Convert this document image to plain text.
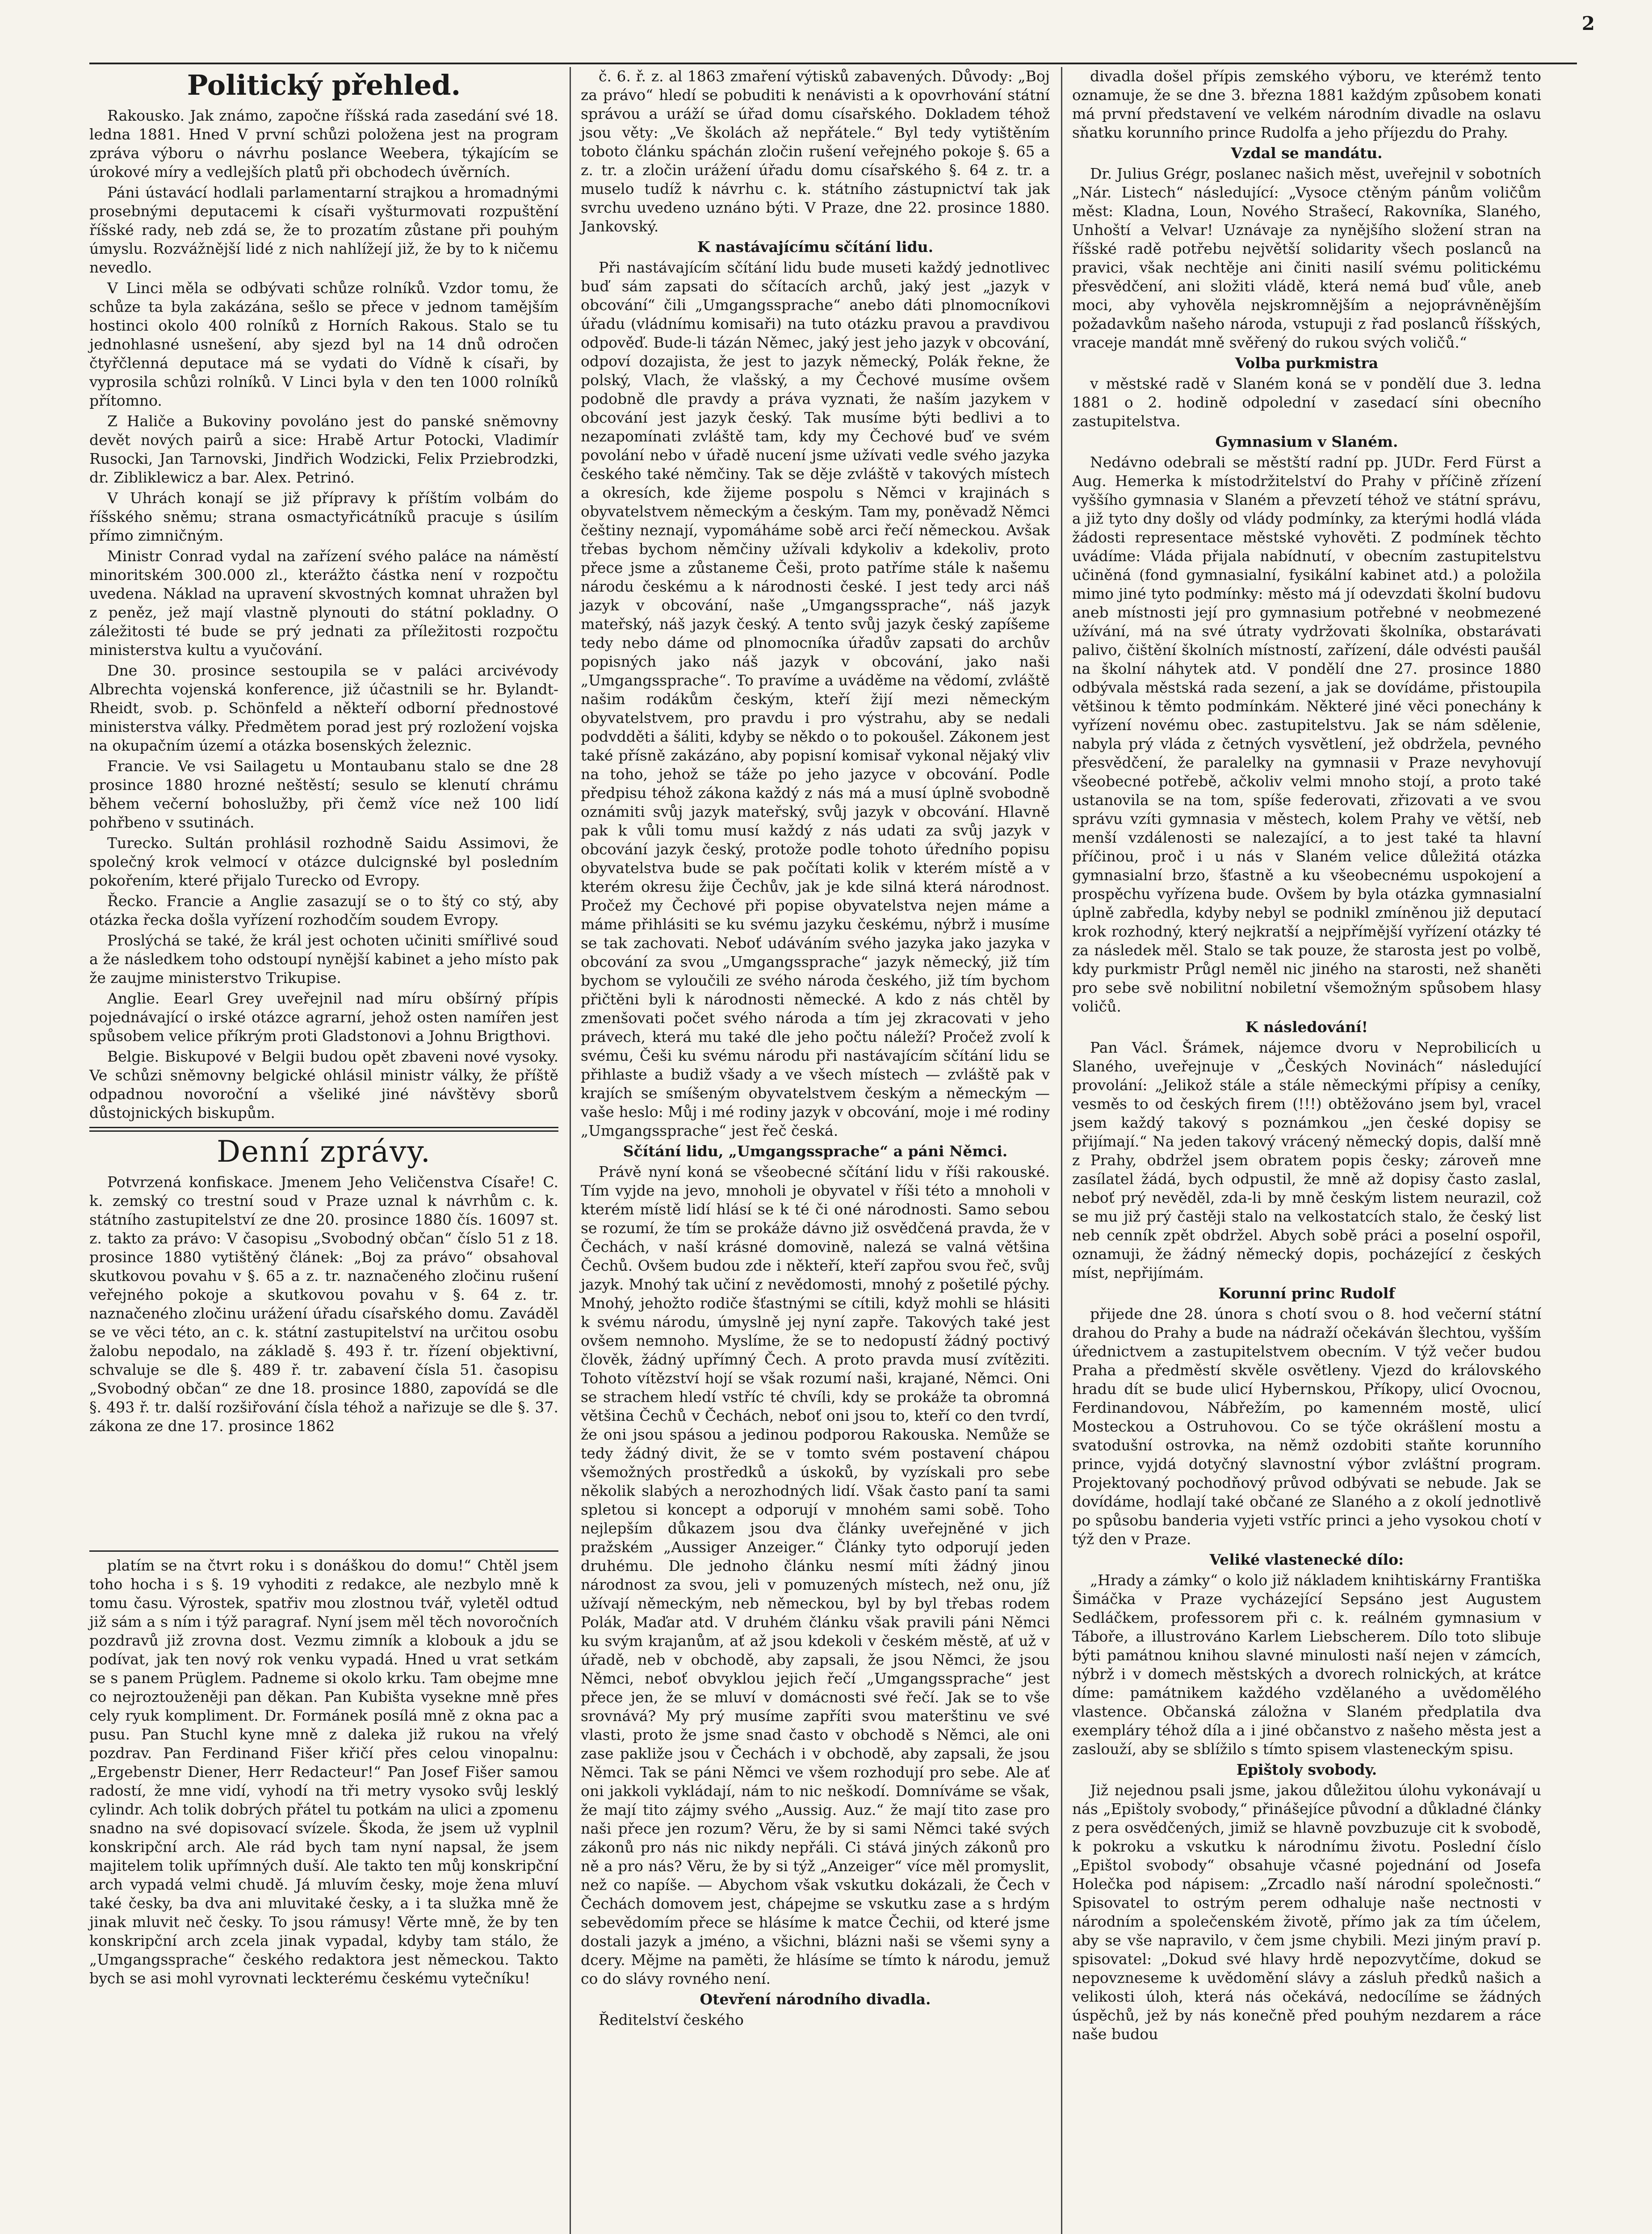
2
Politický přehled.

Rakousko. Jak známo, započne říšská rada zasedání své 18. ledna 1881. Hned V první schůzi položena jest na program zpráva výboru o návrhu poslance Weebera, týkajícím se úrokové míry a vedlejších platů při obchodech úvěrních.

Páni ústavácí hodlali parlamentarní strajkou a hromadnými prosebnými deputacemi k císaři vyšturmovati rozpuštění říšské rady, neb zdá se, že to prozatím zůstane při pouhým úmyslu. Rozvážnější lidé z nich nahlížejí již, že by to k ničemu nevedlo.

V Linci měla se odbývati schůze rolníků. Vzdor tomu, že schůze ta byla zakázána, sešlo se přece v jednom tamějším hostinci okolo 400 rolníků z Horních Rakous. Stalo se tu jednohlasné usnešení, aby sjezd byl na 14 dnů odročen čtyřčlenná deputace má se vydati do Vídně k císaři, by vyprosila schůzi rolníků. V Linci byla v den ten 1000 rolníků přítomno.

Z Haliče a Bukoviny povoláno jest do panské sněmovny devět nových pairů a sice: Hrabě Artur Potocki, Vladimír Rusocki, Jan Tarnovski, Jindřich Wodzicki, Felix Prziebrodzki, dr. Zibliklewicz a bar. Alex. Petrinó.

V Uhrách konají se již přípravy k příštím volbám do říšského sněmu; strana osmactyřicátníků pracuje s úsilím přímo zimničným.

Ministr Conrad vydal na zařízení svého paláce na náměstí minoritském 300.000 zl., kterážto částka není v rozpočtu uvedena. Náklad na upravení skvostných komnat uhražen byl z peněz, jež mají vlastně plynouti do státní pokladny. O záležitosti té bude se prý jednati za příležitosti rozpočtu ministerstva kultu a vyučování.

Dne 30. prosince sestoupila se v paláci arcivévody Albrechta vojenská konference, již účastnili se hr. Bylandt-Rheidt, svob. p. Schönfeld a někteří odborní přednostové ministerstva války. Předmětem porad jest prý rozložení vojska na okupačním území a otázka bosenských železnic.

Francie. Ve vsi Sailagetu u Montaubanu stalo se dne 28 prosince 1880 hrozné neštěstí; sesulo se klenutí chrámu během večerní bohoslužby, při čemž více než 100 lidí pohřbeno v ssutinách.

Turecko. Sultán prohlásil rozhodně Saidu Assimovi, že společný krok velmocí v otázce dulcignské byl posledním pokořením, které přijalo Turecko od Evropy.

Řecko. Francie a Anglie zasazují se o to štý co stý, aby otázka řecka došla vyřízení rozhodčím soudem Evropy.

Proslýchá se také, že král jest ochoten učiniti smířlivé soud a že následkem toho odstoupí nynější kabinet a jeho místo pak že zaujme ministerstvo Trikupise.

Anglie. Eearl Grey uveřejnil nad míru obšírný přípis pojednávající o irské otázce agrarní, jehož osten namířen jest spůsobem velice příkrým proti Gladstonovi a Johnu Brigthovi.

Belgie. Biskupové v Belgii budou opět zbaveni nové vysoky. Ve schůzi sněmovny belgické ohlásil ministr války, že příště odpadnou novoroční a všeliké jiné návštěvy sborů důstojnických biskupům.

Denní zprávy.

Potvrzená konfiskace. Jmenem Jeho Veličenstva Císaře! C. k. zemský co trestní soud v Praze uznal k návrhům c. k. státního zastupitelství ze dne 20. prosince 1880 čís. 16097 st. z. takto za právo: V časopisu „Svobodný občan“ číslo 51 z 18. prosince 1880 vytištěný článek: „Boj za právo“ obsahoval skutkovou povahu v §. 65 a z. tr. naznačeného zločinu rušení veřejného pokoje a skutkovou povahu v §. 64 z. tr. naznačeného zločinu urážení úřadu císařského domu. Zaváděl se ve věci této, an c. k. státní zastupitelství na určitou osobu žalobu nepodalo, na základě §. 493 ř. tr. řízení objektivní, schvaluje se dle §. 489 ř. tr. zabavení čísla 51. časopisu „Svobodný občan“ ze dne 18. prosince 1880, zapovídá se dle §. 493 ř. tr. další rozšiřování čísla téhož a nařizuje se dle §. 37. zákona ze dne 17. prosince 1862

platím se na čtvrt roku i s donáškou do domu!“ Chtěl jsem toho hocha i s §. 19 vyhoditi z redakce, ale nezbylo mně k tomu času. Výrostek, spatřiv mou zlostnou tvář, vyletěl odtud již sám a s ním i týž paragraf. Nyní jsem měl těch novoročních pozdravů již zrovna dost. Vezmu zimník a klobouk a jdu se podívat, jak ten nový rok venku vypadá. Hned u vrat setkám se s panem Prüglem. Padneme si okolo krku. Tam obejme mne co nejroztouženěji pan děkan. Pan Kubišta vysekne mně přes cely ryuk kompliment. Dr. Formánek posílá mně z okna pac a pusu. Pan Stuchl kyne mně z daleka již rukou na vřelý pozdrav. Pan Ferdinand Fišer křičí přes celou vinopalnu: „Ergebenstr Diener, Herr Redacteur!“ Pan Josef Fišer samou radostí, že mne vidí, vyhodí na tři metry vysoko svůj lesklý cylindr. Ach tolik dobrých přátel tu potkám na ulici a zpomenu snadno na své dopisovací svízele. Škoda, že jsem už vyplnil konskripční arch. Ale rád bych tam nyní napsal, že jsem majitelem tolik upřímných duší. Ale takto ten můj konskripční arch vypadá velmi chudě. Já mluvím česky, moje žena mluví také česky, ba dva ani mluvitaké česky, a i ta služka mně že jinak mluvit neč česky. To jsou rámusy! Věrte mně, že by ten konskripční arch zcela jinak vypadal, kdyby tam stálo, že „Umgangssprache“ českého redaktora jest německou. Takto bych se asi mohl vyrovnati leckterému českému vytečníku!

č. 6. ř. z. al 1863 zmaření výtisků zabavených. Důvody: „Boj za právo“ hledí se pobuditi k nenávisti a k opovrhování státní správou a uráží se úřad domu císařského. Dokladem téhož jsou věty: „Ve školách až nepřátele.“ Byl tedy vytištěním toboto článku spáchán zločin rušení veřejného pokoje §. 65 a z. tr. a zločin urážení úřadu domu císařského §. 64 z. tr. a muselo tudíž k návrhu c. k. státního zástupnictví tak jak svrchu uvedeno uznáno býti. V Praze, dne 22. prosince 1880. Jankovský.

K nastávajícímu sčítání lidu.

Při nastávajícím sčítání lidu bude museti každý jednotlivec buď sám zapsati do sčítacích archů, jaký jest „jazyk v obcování“ čili „Umgangssprache“ anebo dáti plnomocníkovi úřadu (vládnímu komisaři) na tuto otázku pravou a pravdivou odpověď. Bude-li tázán Němec, jaký jest jeho jazyk v obcování, odpoví dozajista, že jest to jazyk německý, Polák řekne, že polský, Vlach, že vlašský, a my Čechové musíme ovšem podobně dle pravdy a práva vyznati, že naším jazykem v obcování jest jazyk český. Tak musíme býti bedlivi a to nezapomínati zvláště tam, kdy my Čechové buď ve svém povolání nebo v úřadě nucení jsme užívati vedle svého jazyka českého také němčiny. Tak se děje zvláště v takových místech a okresích, kde žijeme pospolu s Němci v krajinách s obyvatelstvem německým a českým. Tam my, poněvadž Němci češtiny neznají, vypomáháme sobě arci řečí německou. Avšak třebas bychom němčiny užívali kdykoliv a kdekoliv, proto přece jsme a zůstaneme Češi, proto patříme stále k našemu národu českému a k národnosti české. I jest tedy arci náš jazyk v obcování, naše „Umgangssprache“, náš jazyk mateřský, náš jazyk český. A tento svůj jazyk český zapíšeme tedy nebo dáme od plnomocníka úřadův zapsati do archův popisných jako náš jazyk v obcování, jako naši „Umgangssprache“. To pravíme a uváděme na vědomí, zvláště našim rodákům českým, kteří žijí mezi německým obyvatelstvem, pro pravdu i pro výstrahu, aby se nedali podvdděti a šáliti, kdyby se někdo o to pokoušel. Zákonem jest také přísně zakázáno, aby popisní komisař vykonal nějaký vliv na toho, jehož se táže po jeho jazyce v obcování. Podle předpisu téhož zákona každý z nás má a musí úplně svobodně oznámiti svůj jazyk mateřský, svůj jazyk v obcování. Hlavně pak k vůli tomu musí každý z nás udati za svůj jazyk v obcování jazyk český, protože podle tohoto úředního popisu obyvatelstva bude se pak počítati kolik v kterém místě a v kterém okresu žije Čechův, jak je kde silná která národnost. Pročež my Čechové při popise obyvatelstva nejen máme a máme přihlásiti se ku svému jazyku českému, nýbrž i musíme se tak zachovati. Neboť udáváním svého jazyka jako jazyka v obcování za svou „Umgangssprache“ jazyk německý, již tím bychom se vyloučili ze svého národa českého, již tím bychom přičtěni byli k národnosti německé. A kdo z nás chtěl by zmenšovati počet svého národa a tím jej zkracovati v jeho právech, která mu také dle jeho počtu náleží? Pročež zvolí k svému, Češi ku svému národu při nastávajícím sčítání lidu se přihlaste a budiž všady a ve všech místech — zvláště pak v krajích se smíšeným obyvatelstvem českým a německým — vaše heslo: Můj i mé rodiny jazyk v obcování, moje i mé rodiny „Umgangssprache“ jest řeč česká.

Sčítání lidu, „Umgangssprache“ a páni Němci.

Právě nyní koná se všeobecné sčítání lidu v říši rakouské. Tím vyjde na jevo, mnoholi je obyvatel v říši této a mnoholi v kterém místě lidí hlásí se k té či oné národnosti. Samo sebou se rozumí, že tím se prokáže dávno již osvědčená pravda, že v Čechách, v naší krásné domovině, nalezá se valná většina Čechů. Ovšem budou zde i někteří, kteří zapřou svou řeč, svůj jazyk. Mnohý tak učiní z nevědomosti, mnohý z pošetilé pýchy. Mnohý, jehožto rodiče šťastnými se cítili, když mohli se hlásiti k svému národu, úmyslně jej nyní zapře. Takových také jest ovšem nemnoho. Myslíme, že se to nedopustí žádný poctivý člověk, žádný upřímný Čech. A proto pravda musí zvítěziti. Tohoto vítězství hojí se však rozumí naši, krajané, Němci. Oni se strachem hledí vstříc té chvíli, kdy se prokáže ta obromná většina Čechů v Čechách, neboť oni jsou to, kteří co den tvrdí, že oni jsou spásou a jedinou podporou Rakouska. Nemůže se tedy žádný divit, že se v tomto svém postavení chápou všemožných prostředků a úskoků, by vyzískali pro sebe několik slabých a nerozhodných lidí. Však často paní ta sami spletou si koncept a odporují v mnohém sami sobě. Toho nejlepším důkazem jsou dva články uveřejněné v jich pražském „Aussiger Anzeiger.“ Články tyto odporují jeden druhému. Dle jednoho článku nesmí míti žádný jinou národnost za svou, jeli v pomuzených místech, než onu, jíž užívají německým, neb německou, byl by byl třebas rodem Polák, Maďar atd. V druhém článku však pravili páni Němci ku svým krajanům, ať až jsou kdekoli v českém městě, ať už v úřadě, neb v obchodě, aby zapsali, že jsou Němci, že jsou Němci, neboť obvyklou jejich řečí „Umgangssprache“ jest přece jen, že se mluví v domácnosti své řečí. Jak se to vše srovnává? My prý musíme zapříti svou materštinu ve své vlasti, proto že jsme snad často v obchodě s Němci, ale oni zase pakliže jsou v Čechách i v obchodě, aby zapsali, že jsou Němci. Tak se páni Němci ve všem rozhodují pro sebe. Ale ať oni jakkoli vykládají, nám to nic neškodí. Domníváme se však, že mají tito zájmy svého „Aussig. Auz.“ že mají tito zase pro naši přece jen rozum? Věru, že by si sami Němci také svých zákonů pro nás nic nikdy nepřáli. Ci stává jiných zákonů pro ně a pro nás? Věru, že by si týž „Anzeiger“ více měl promyslit, než co napíše. — Abychom však vskutku dokázali, že Čech v Čechách domovem jest, chápejme se vskutku zase a s hrdým sebevědomím přece se hlásíme k matce Čechii, od které jsme dostali jazyk a jméno, a všichni, blázni naši se všemi syny a dcery. Mějme na paměti, že hlásíme se tímto k národu, jemuž co do slávy rovného není.

Otevření národního divadla.

Ředitelství českého

divadla došel přípis zemského výboru, ve kterémž tento oznamuje, že se dne 3. března 1881 každým způsobem konati má první představení ve velkém národním divadle na oslavu sňatku korunního prince Rudolfa a jeho příjezdu do Prahy.

Vzdal se mandátu.

Dr. Julius Grégr, poslanec našich měst, uveřejnil v sobotních „Nár. Listech“ následující: „Vysoce ctěným pánům voličům měst: Kladna, Loun, Nového Strašecí, Rakovníka, Slaného, Unhoští a Velvar! Uznávaje za nynějšího složení stran na říšské radě potřebu největší solidarity všech poslanců na pravici, však nechtěje ani činiti nasilí svému politickému přesvědčení, ani složiti vládě, která nemá buď vůle, aneb moci, aby vyhověla nejskromnějším a nejoprávněnějším požadavkům našeho národa, vstupuji z řad poslanců říšských, vraceje mandát mně svěřený do rukou svých voličů.“

Volba purkmistra

v městské radě v Slaném koná se v pondělí due 3. ledna 1881 o 2. hodině odpolední v zasedací síni obecního zastupitelstva.

Gymnasium v Slaném.

Nedávno odebrali se městští radní pp. JUDr. Ferd Fürst a Aug. Hemerka k místodržitelství do Prahy v příčině zřízení vyššího gymnasia v Slaném a převzetí téhož ve státní správu, a již tyto dny došly od vlády podmínky, za kterými hodlá vláda žádosti representace městské vyhověti. Z podmínek těchto uvádíme: Vláda přijala nabídnutí, v obecním zastupitelstvu učiněná (fond gymnasialní, fysikální kabinet atd.) a položila mimo jiné tyto podmínky: město má jí odevzdati školní budovu aneb místnosti její pro gymnasium potřebné v neobmezené užívání, má na své útraty vydržovati školníka, obstarávati palivo, čištění školních místností, zařízení, dále odvésti paušál na školní náhytek atd. V pondělí dne 27. prosince 1880 odbývala městská rada sezení, a jak se dovídáme, přistoupila většinou k těmto podmínkám. Některé jiné věci ponechány k vyřízení novému obec. zastupitelstvu. Jak se nám sdělenie, nabyla prý vláda z četných vysvětlení, jež obdržela, pevného přesvědčení, že paralelky na gymnasii v Praze nevyhovují všeobecné potřebě, ačkoliv velmi mnoho stojí, a proto také ustanovila se na tom, spíše federovati, zřizovati a ve svou správu vzíti gymnasia v městech, kolem Prahy ve větší, neb menší vzdálenosti se nalezající, a to jest také ta hlavní příčinou, proč i u nás v Slaném velice důležitá otázka gymnasialní brzo, šťastně a ku všeobecnému uspokojení a prospěchu vyřízena bude. Ovšem by byla otázka gymnasialní úplně zabředla, kdyby nebyl se podnikl zmíněnou již deputací krok rozhodný, který nejkratší a nejpřímější vyřízení otázky té za následek měl. Stalo se tak pouze, že starosta jest po volbě, kdy purkmistr Průgl neměl nic jiného na starosti, než shaněti pro sebe svě nobilitní nobiletní všemožným spůsobem hlasy voličů.

K následování!

Pan Václ. Šrámek, nájemce dvoru v Neprobilicích u Slaného, uveřejnuje v „Českých Novinách“ následující provolání: „Jelikož stále a stále německými přípisy a ceníky, vesměs to od českých firem (!!!) obtěžováno jsem byl, vracel jsem každý takový s poznámkou „jen české dopisy se přijímají.“ Na jeden takový vrácený německý dopis, další mně z Prahy, obdržel jsem obratem popis česky; zároveň mne zasílatel žádá, bych odpustil, že mně až dopisy často zaslal, neboť prý nevěděl, zda-li by mně českým listem neurazil, což se mu již prý častěji stalo na velkostatcích stalo, že český list neb cenník zpět obdržel. Abych sobě práci a poselní ospořil, oznamuji, že žádný německý dopis, pocházející z českých míst, nepřijímám.

Korunní princ Rudolf

přijede dne 28. února s chotí svou o 8. hod večerní státní drahou do Prahy a bude na nádraží očekáván šlechtou, vyšším úřednictvem a zastupitelstvem obecním. V týž večer budou Praha a předměstí skvěle osvětleny. Vjezd do královského hradu dít se bude ulicí Hybernskou, Příkopy, ulicí Ovocnou, Ferdinandovou, Nábřežím, po kamenném mostě, ulicí Mosteckou a Ostruhovou. Co se týče okrášlení mostu a svatodušní ostrovka, na němž ozdobiti staňte korunního prince, vyjdá dotyčný slavnostní výbor zvláštní program. Projektovaný pochodňový průvod odbývati se nebude. Jak se dovídáme, hodlají také občané ze Slaného a z okolí jednotlivě po spůsobu banderia vyjeti vstříc princi a jeho vysokou chotí v týž den v Praze.

Veliké vlastenecké dílo:

„Hrady a zámky“ o kolo již nákladem knihtiskárny Františka Šimáčka v Praze vycházející Sepsáno jest Augustem Sedláčkem, professorem při c. k. reálném gymnasium v Táboře, a illustrováno Karlem Liebscherem. Dílo toto slibuje býti památnou knihou slavné minulosti naší nejen v zámcích, nýbrž i v domech městských a dvorech rolnických, at krátce díme: památnikem každého vzdělaného a uvědomělého vlastence. Občanská záložna v Slaném předplatila dva exempláry téhož díla a i jiné občanstvo z našeho města jest a zaslouží, aby se sblížilo s tímto spisem vlasteneckým spisu.

Epištoly svobody.

Již nejednou psali jsme, jakou důležitou úlohu vykonávají u nás „Epištoly svobody,“ přinášejíce původní a důkladné články z pera osvědčených, jimiž se hlavně povzbuzuje cit k svobodě, k pokroku a vskutku k národnímu životu. Poslední číslo „Epištol svobody“ obsahuje včasné pojednání od Josefa Holečka pod nápisem: „Zrcadlo naší národní společnosti.“ Spisovatel to ostrým perem odhaluje naše nectnosti v národním a společenském životě, přímo jak za tím účelem, aby se vše napravilo, v čem jsme chybili. Mezi jiným praví p. spisovatel: „Dokud své hlavy hrdě nepozvytčíme, dokud se nepovzneseme k uvědomění slávy a zásluh předků našich a velikosti úloh, která nás očekává, nedocílíme se žádných úspěchů, jež by nás konečně před pouhým nezdarem a ráce naše budou
